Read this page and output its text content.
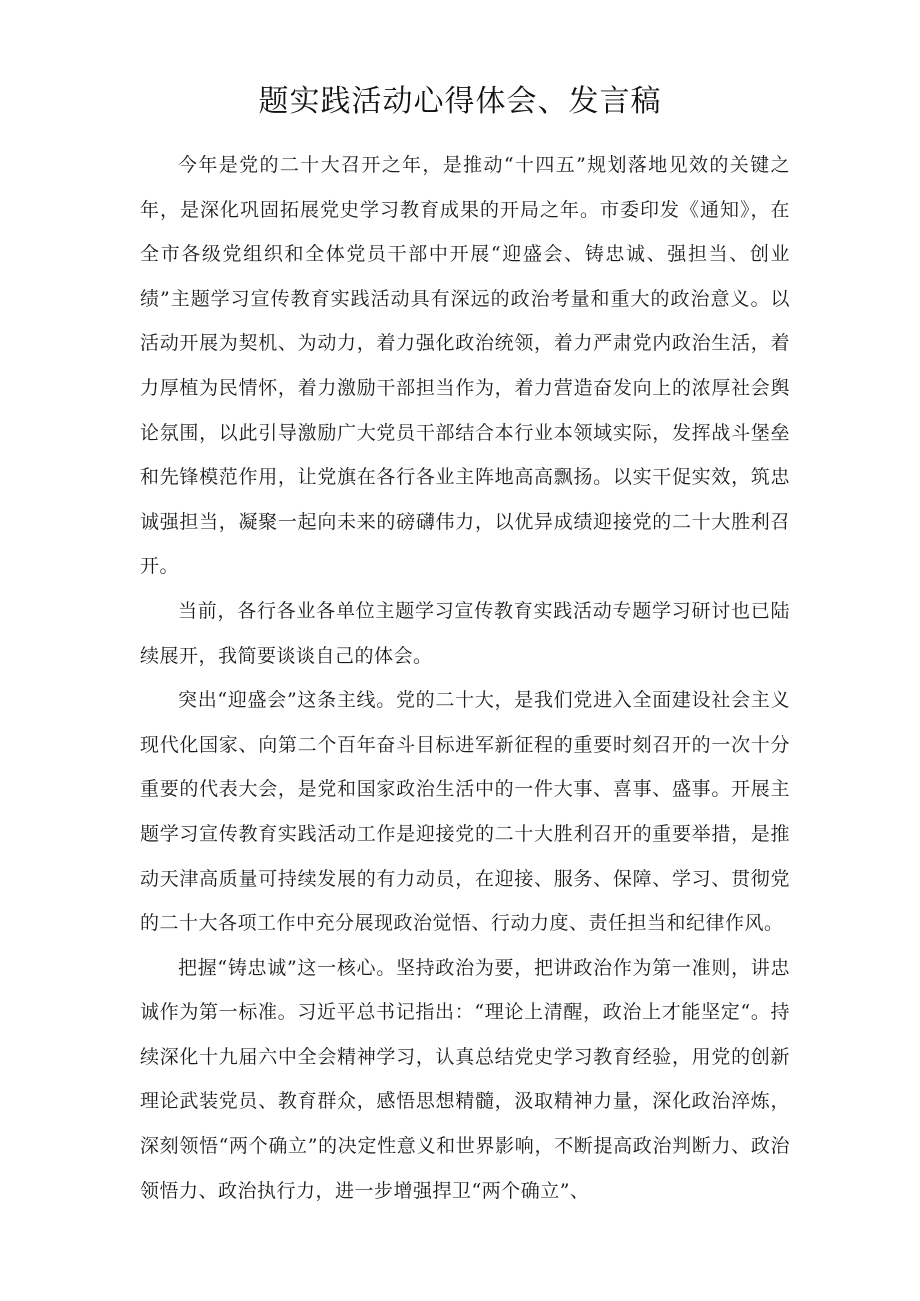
题实践活动心得体会、发言稿

今年是党的二十大召开之年，是推动“十四五”规划落地见效的关键之年，是深化巩固拓展党史学习教育成果的开局之年。市委印发《通知》，在全市各级党组织和全体党员干部中开展“迎盛会、铸忠诚、强担当、创业绩”主题学习宣传教育实践活动具有深远的政治考量和重大的政治意义。以活动开展为契机、为动力，着力强化政治统领，着力严肃党内政治生活，着力厚植为民情怀，着力激励干部担当作为，着力营造奋发向上的浓厚社会舆论氛围，以此引导激励广大党员干部结合本行业本领域实际，发挥战斗堡垒和先锋模范作用，让党旗在各行各业主阵地高高飘扬。以实干促实效，筑忠诚强担当，凝聚一起向未来的磅礴伟力，以优异成绩迎接党的二十大胜利召开。

当前，各行各业各单位主题学习宣传教育实践活动专题学习研讨也已陆续展开，我简要谈谈自己的体会。

突出“迎盛会”这条主线。党的二十大，是我们党进入全面建设社会主义现代化国家、向第二个百年奋斗目标进军新征程的重要时刻召开的一次十分重要的代表大会，是党和国家政治生活中的一件大事、喜事、盛事。开展主题学习宣传教育实践活动工作是迎接党的二十大胜利召开的重要举措，是推动天津高质量可持续发展的有力动员，在迎接、服务、保障、学习、贯彻党的二十大各项工作中充分展现政治觉悟、行动力度、责任担当和纪律作风。

把握“铸忠诚”这一核心。坚持政治为要，把讲政治作为第一准则，讲忠诚作为第一标准。习近平总书记指出：“理论上清醒，政治上才能坚定“。持续深化十九届六中全会精神学习，认真总结党史学习教育经验，用党的创新理论武装党员、教育群众，感悟思想精髓，汲取精神力量，深化政治淬炼，深刻领悟“两个确立”的决定性意义和世界影响，不断提高政治判断力、政治领悟力、政治执行力，进一步增强捍卫“两个确立”、
